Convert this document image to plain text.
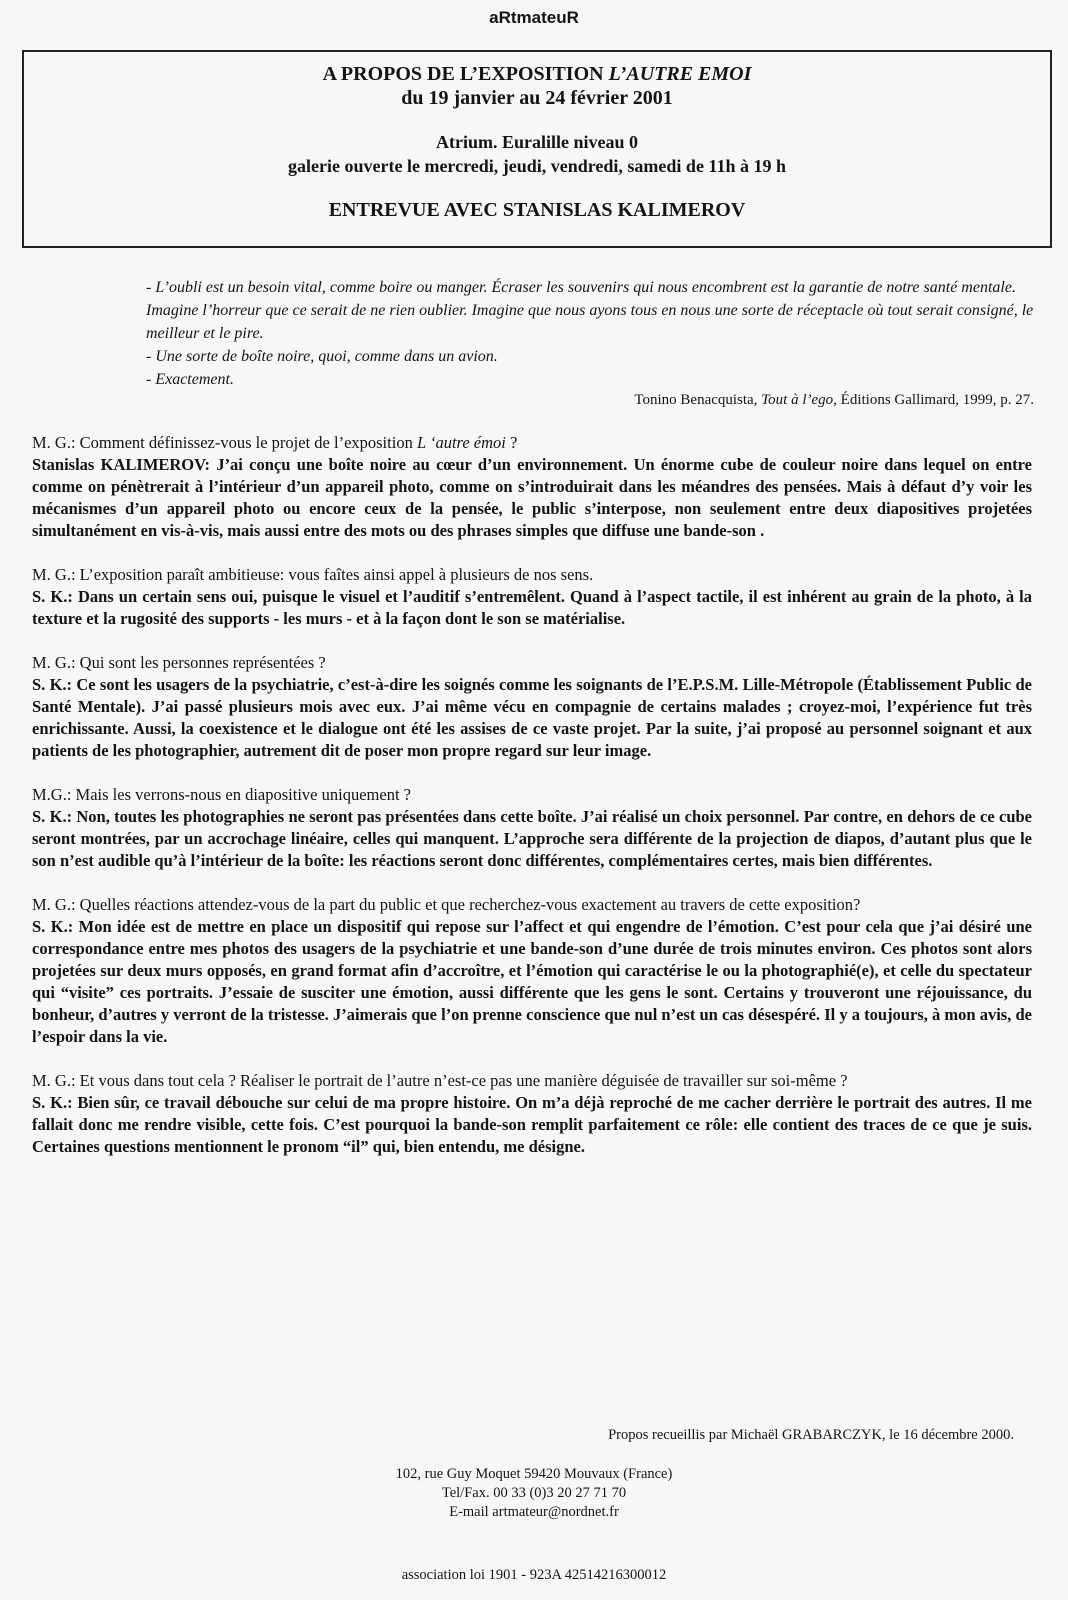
aRtmateuR
A PROPOS DE L’EXPOSITION L’AUTRE EMOI
du 19 janvier au 24 février 2001
Atrium. Euralille niveau 0
galerie ouverte le mercredi, jeudi, vendredi, samedi de 11h à 19 h
ENTREVUE AVEC STANISLAS KALIMEROV

- L’oubli est un besoin vital, comme boire ou manger. Écraser les souvenirs qui nous encombrent est la garantie de notre santé mentale. Imagine l’horreur que ce serait de ne rien oublier. Imagine que nous ayons tous en nous une sorte de réceptacle où tout serait consigné, le meilleur et le pire.

- Une sorte de boîte noire, quoi, comme dans un avion.

- Exactement.

Tonino Benacquista, Tout à l’ego, Éditions Gallimard, 1999, p. 27.

M. G.: Comment définissez-vous le projet de l’exposition L ‘autre émoi ?

Stanislas KALIMEROV: J’ai conçu une boîte noire au cœur d’un environnement. Un énorme cube de couleur noire dans lequel on entre comme on pénètrerait à l’intérieur d’un appareil photo, comme on s’introduirait dans les méandres des pensées. Mais à défaut d’y voir les mécanismes d’un appareil photo ou encore ceux de la pensée, le public s’interpose, non seulement entre deux diapositives projetées simultanément en vis-à-vis, mais aussi entre des mots ou des phrases simples que diffuse une bande-son .

M. G.: L’exposition paraît ambitieuse: vous faîtes ainsi appel à plusieurs de nos sens.

S. K.: Dans un certain sens oui, puisque le visuel et l’auditif s’entremêlent. Quand à l’aspect tactile, il est inhérent au grain de la photo, à la texture et la rugosité des supports - les murs - et à la façon dont le son se matérialise.

M. G.: Qui sont les personnes représentées ?

S. K.: Ce sont les usagers de la psychiatrie, c’est-à-dire les soignés comme les soignants de l’E.P.S.M. Lille-Métropole (Établissement Public de Santé Mentale). J’ai passé plusieurs mois avec eux. J’ai même vécu en compagnie de certains malades ; croyez-moi, l’expérience fut très enrichissante. Aussi, la coexistence et le dialogue ont été les assises de ce vaste projet. Par la suite, j’ai proposé au personnel soignant et aux patients de les photographier, autrement dit de poser mon propre regard sur leur image.

M.G.: Mais les verrons-nous en diapositive uniquement ?

S. K.: Non, toutes les photographies ne seront pas présentées dans cette boîte. J’ai réalisé un choix personnel. Par contre, en dehors de ce cube seront montrées, par un accrochage linéaire, celles qui manquent. L’approche sera différente de la projection de diapos, d’autant plus que le son n’est audible qu’à l’intérieur de la boîte: les réactions seront donc différentes, complémentaires certes, mais bien différentes.

M. G.: Quelles réactions attendez-vous de la part du public et que recherchez-vous exactement au travers de cette exposition?

S. K.: Mon idée est de mettre en place un dispositif qui repose sur l’affect et qui engendre de l’émotion. C’est pour cela que j’ai désiré une correspondance entre mes photos des usagers de la psychiatrie et une bande-son d’une durée de trois minutes environ. Ces photos sont alors projetées sur deux murs opposés, en grand format afin d’accroître, et l’émotion qui caractérise le ou la photographié(e), et celle du spectateur qui “visite” ces portraits. J’essaie de susciter une émotion, aussi différente que les gens le sont. Certains y trouveront une réjouissance, du bonheur, d’autres y verront de la tristesse. J’aimerais que l’on prenne conscience que nul n’est un cas désespéré. Il y a toujours, à mon avis, de l’espoir dans la vie.

M. G.: Et vous dans tout cela ? Réaliser le portrait de l’autre n’est-ce pas une manière déguisée de travailler sur soi-même ?

S. K.: Bien sûr, ce travail débouche sur celui de ma propre histoire. On m’a déjà reproché de me cacher derrière le portrait des autres. Il me fallait donc me rendre visible, cette fois. C’est pourquoi la bande-son remplit parfaitement ce rôle: elle contient des traces de ce que je suis. Certaines questions mentionnent le pronom “il” qui, bien entendu, me désigne.

Propos recueillis par Michaël GRABARCZYK, le 16 décembre 2000.
102, rue Guy Moquet 59420 Mouvaux (France)
Tel/Fax. 00 33 (0)3 20 27 71 70
E-mail artmateur@nordnet.fr
association loi 1901 - 923A 42514216300012
